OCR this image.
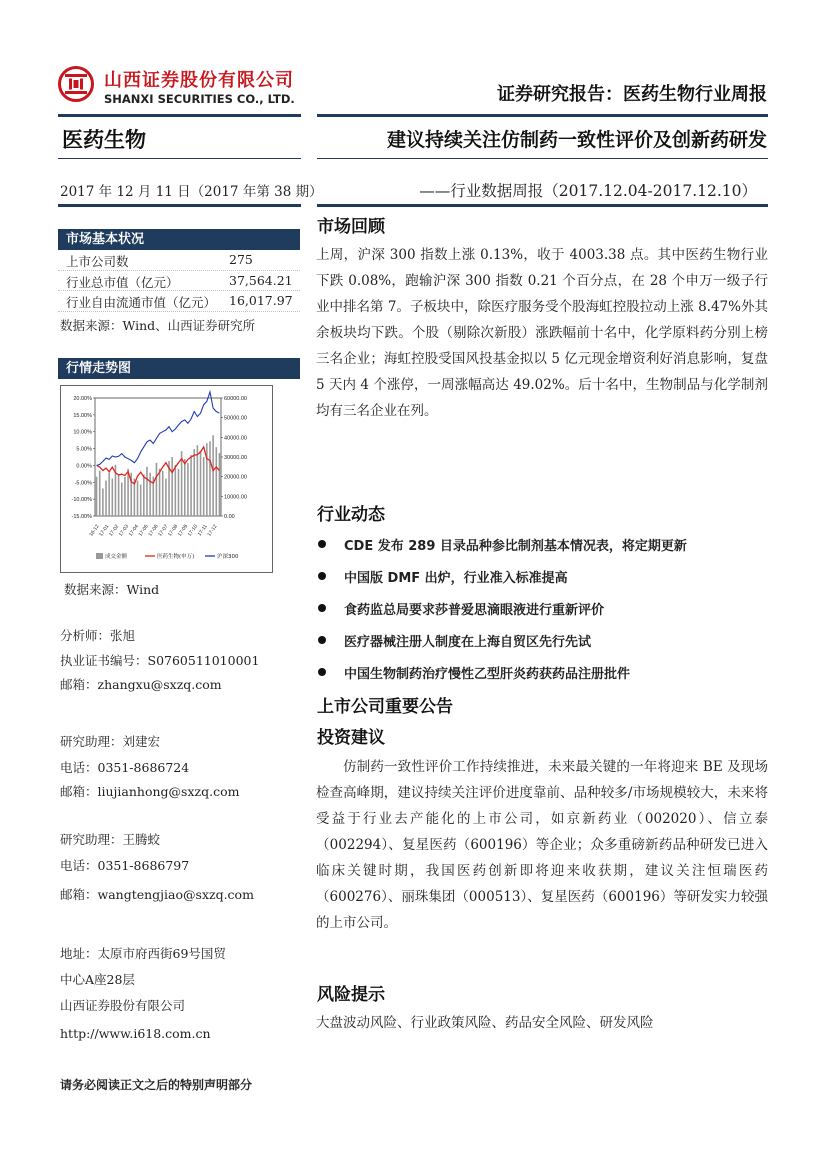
山西证券股份有限公司
SHANXI SECURITIES CO., LTD.	证券研究报告：医药生物行业周报
医药生物	建议持续关注仿制药一致性评价及创新药研发
2017 年 12 月 11 日（2017 年第 38 期）	——行业数据周报（2017.12.04-2017.12.10）
市场基本状况
上市公司数	275
行业总市值（亿元）	37,564.21
行业自由流通市值（亿元） 16,017.97
数据来源：Wind、山西证券研究所
行情走势图
20.00%
15.00%
10.00%
5.00%
0.00%
-5.00%
-10.00%
-15.00%
60000.00
50000.00
40000.00
30000.00
20000.00
10000.00
0.00
16-12
17-01
17-02
17-03
17-04
17-05
17-06
17-07
17-08
17-09
17-10
17-11
17-12
成交金额	医药生物(申万)	沪深300
数据来源：Wind
分析师：张旭
执业证书编号：S0760511010001
邮箱：zhangxu@sxzq.com
研究助理：刘建宏
电话：0351-8686724
邮箱：liujianhong@sxzq.com
研究助理：王腾蛟
电话：0351-8686797
邮箱：wangtengjiao@sxzq.com
地址：太原市府西街69号国贸
中心A座28层
山西证券股份有限公司
http://www.i618.com.cn
市场回顾
上周，沪深 300 指数上涨 0.13%，收于 4003.38 点。其中医药生物行业下跌 0.08%，跑输沪深 300 指数 0.21 个百分点，在 28 个申万一级子行业中排名第 7。子板块中，除医疗服务受个股海虹控股拉动上涨 8.47%外其余板块均下跌。个股（剔除次新股）涨跌幅前十名中，化学原料药分别上榜三名企业；海虹控股受国风投基金拟以 5 亿元现金增资利好消息影响，复盘 5 天内 4 个涨停，一周涨幅高达 49.02%。后十名中，生物制品与化学制剂均有三名企业在列。
行业动态
CDE 发布 289 目录品种参比制剂基本情况表，将定期更新
中国版 DMF 出炉，行业准入标准提高
食药监总局要求莎普爱思滴眼液进行重新评价
医疗器械注册人制度在上海自贸区先行先试
中国生物制药治疗慢性乙型肝炎药获药品注册批件
上市公司重要公告
投资建议
仿制药一致性评价工作持续推进，未来最关键的一年将迎来 BE 及现场检查高峰期，建议持续关注评价进度靠前、品种较多/市场规模较大，未来将受益于行业去产能化的上市公司，如京新药业（002020）、信立泰（002294）、复星医药（600196）等企业；众多重磅新药品种研发已进入临床关键时期，我国医药创新即将迎来收获期，建议关注恒瑞医药（600276）、丽珠集团（000513）、复星医药（600196）等研发实力较强的上市公司。
风险提示
大盘波动风险、行业政策风险、药品安全风险、研发风险
请务必阅读正文之后的特别声明部分
